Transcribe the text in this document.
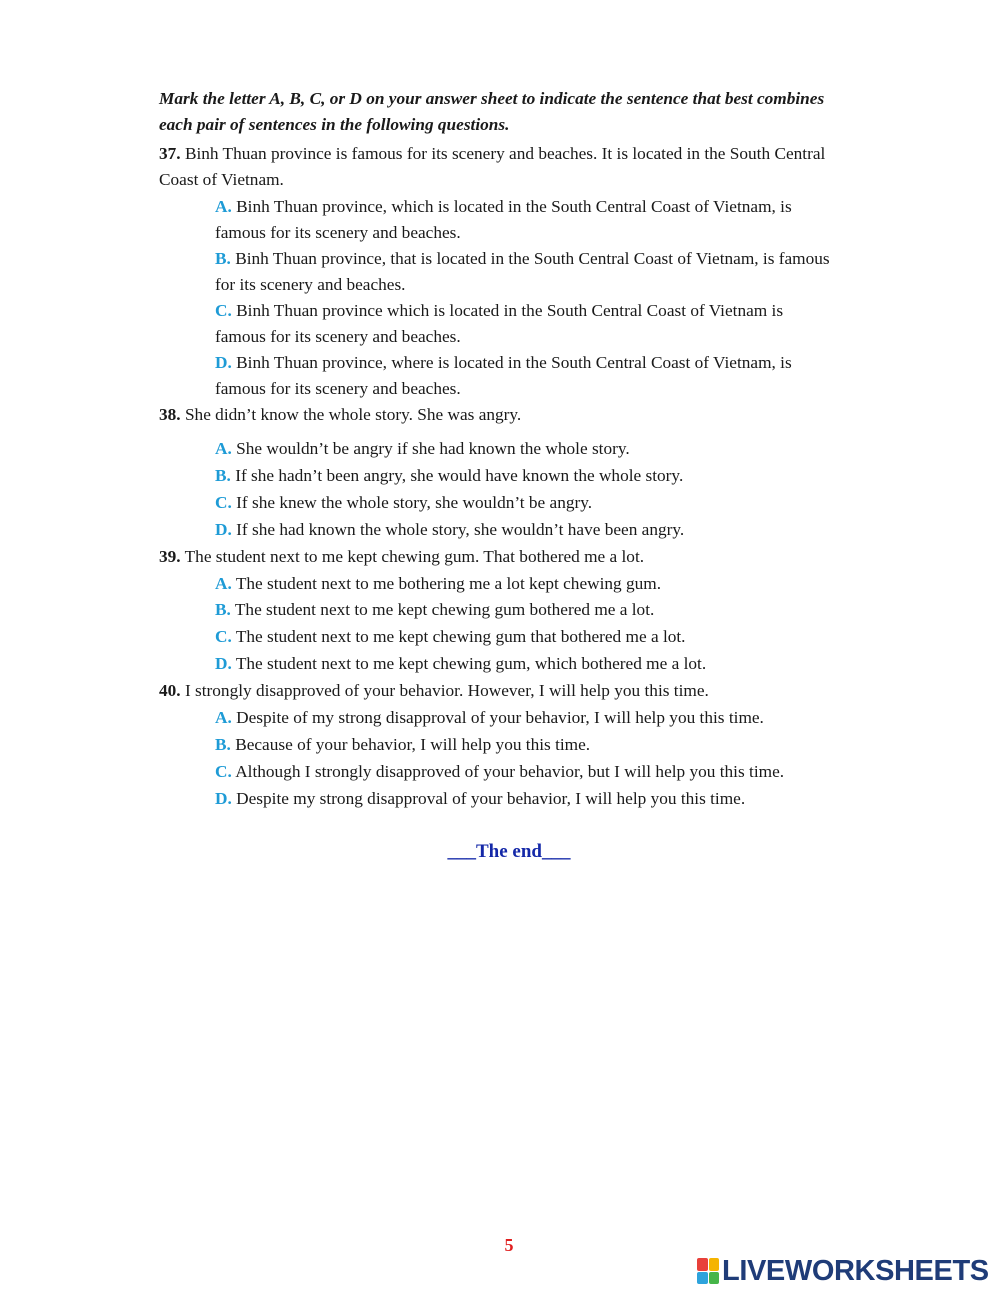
Mark the letter A, B, C, or D on your answer sheet to indicate the sentence that best combines each pair of sentences in the following questions.
37. Binh Thuan province is famous for its scenery and beaches. It is located in the South Central Coast of Vietnam.
A. Binh Thuan province, which is located in the South Central Coast of Vietnam, is famous for its scenery and beaches.
B. Binh Thuan province, that is located in the South Central Coast of Vietnam, is famous for its scenery and beaches.
C. Binh Thuan province which is located in the South Central Coast of Vietnam is famous for its scenery and beaches.
D. Binh Thuan province, where is located in the South Central Coast of Vietnam, is famous for its scenery and beaches.
38. She didn’t know the whole story. She was angry.
A. She wouldn’t be angry if she had known the whole story.
B. If she hadn’t been angry, she would have known the whole story.
C. If she knew the whole story, she wouldn’t be angry.
D. If she had known the whole story, she wouldn’t have been angry.
39. The student next to me kept chewing gum. That bothered me a lot.
A. The student next to me bothering me a lot kept chewing gum.
B. The student next to me kept chewing gum bothered me a lot.
C. The student next to me kept chewing gum that bothered me a lot.
D. The student next to me kept chewing gum, which bothered me a lot.
40. I strongly disapproved of your behavior. However, I will help you this time.
A. Despite of my strong disapproval of your behavior, I will help you this time.
B. Because of your behavior, I will help you this time.
C. Although I strongly disapproved of your behavior, but I will help you this time.
D. Despite my strong disapproval of your behavior, I will help you this time.
___The end___
5
LIVEWORKSHEETS
